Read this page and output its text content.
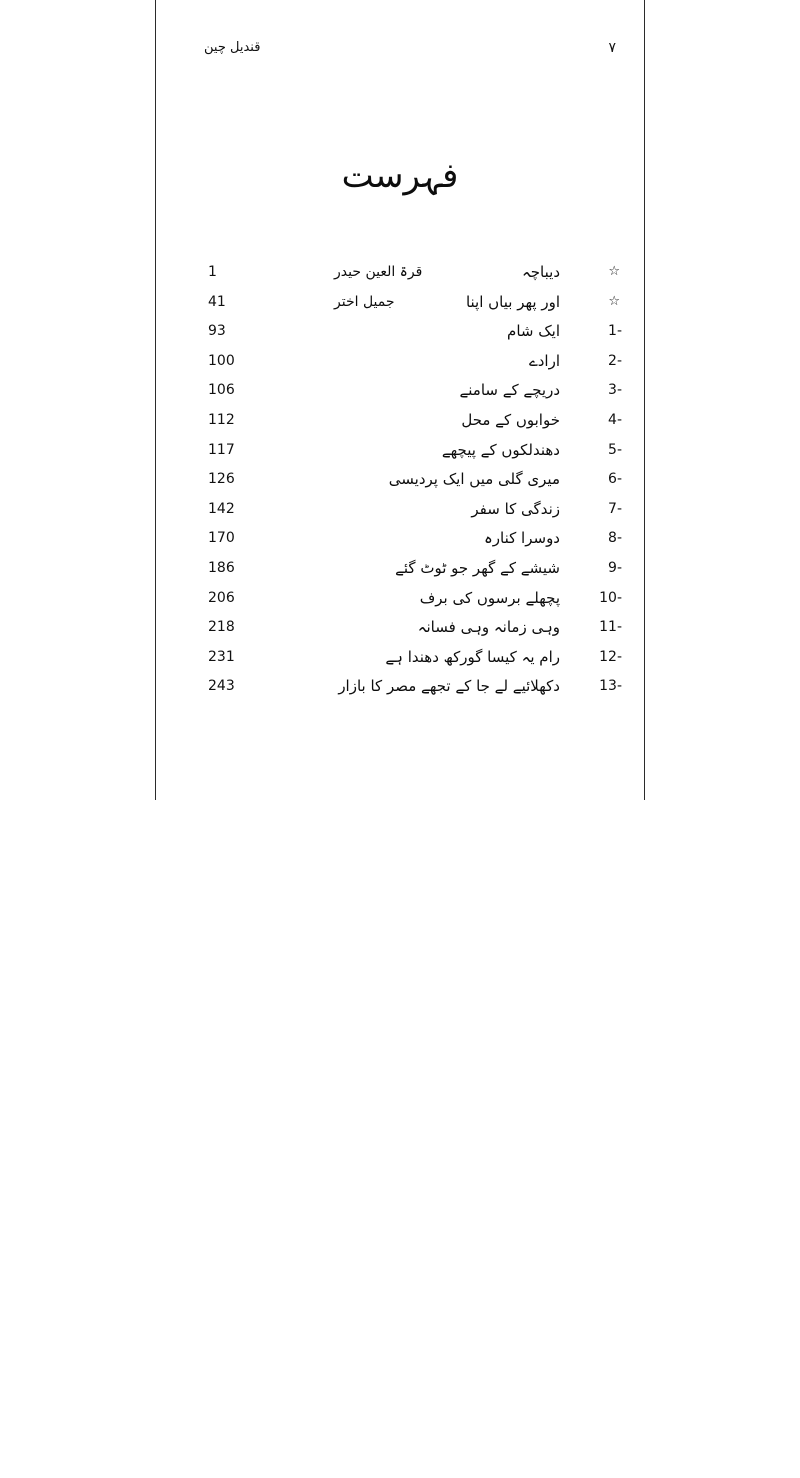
قندیل چین	٧
فہرست
☆
دیباچہ
قرۃ العین حیدر
1
☆
اور پھر بیاں اپنا
جمیل اختر
41
-1
ایک شام
93
-2
ارادے
100
-3
دریچے کے سامنے
106
-4
خوابوں کے محل
112
-5
دھندلکوں کے پیچھے
117
-6
میری گلی میں ایک پردیسی
126
-7
زندگی کا سفر
142
-8
دوسرا کنارہ
170
-9
شیشے کے گھر جو ٹوٹ گئے
186
-10
پچھلے برسوں کی برف
206
-11
وہی زمانہ وہی فسانہ
218
-12
رام یہ کیسا گورکھ دھندا ہے
231
-13
دکھلائیے لے جا کے تجھے مصر کا بازار
243
